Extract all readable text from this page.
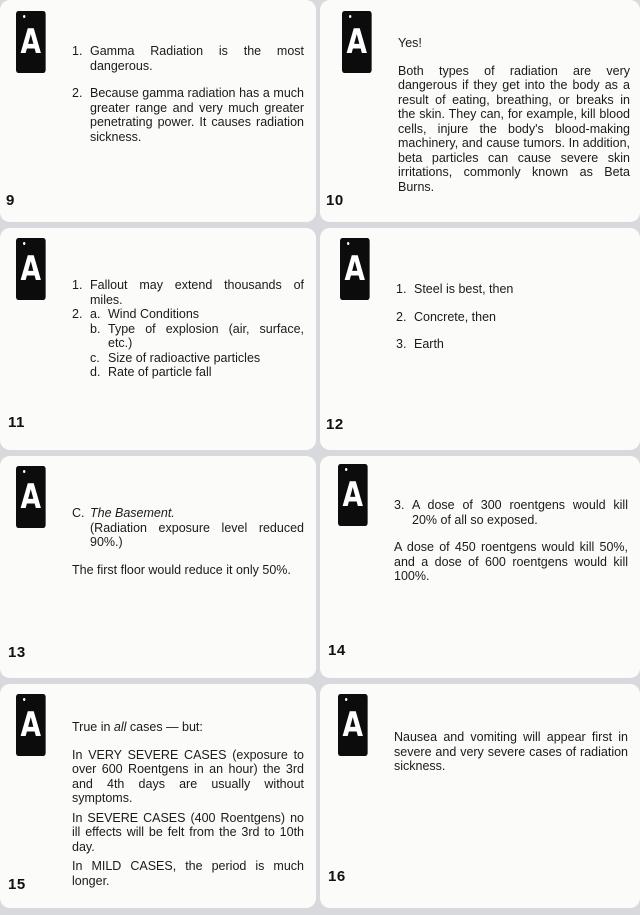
A	1. Gamma Radiation is the most dangerous.
2. Because gamma radiation has a much greater range and very much greater penetrating power. It causes radiation sickness.
9
A	Yes!

Both types of radiation are very dangerous if they get into the body as a result of eating, breathing, or breaks in the skin. They can, for example, kill blood cells, injure the body's blood-making machinery, and cause tumors. In addition, beta particles can cause severe skin irritations, commonly known as Beta Burns.

10
A	1. Fallout may extend thousands of miles.
2. a. Wind Conditions
b. Type of explosion (air, surface, etc.)
c. Size of radioactive particles
d. Rate of particle fall
11
A	1. Steel is best, then
2. Concrete, then
3. Earth
12
A	C. The Basement.
(Radiation exposure level reduced 90%.)

The first floor would reduce it only 50%.

13
A	3. A dose of 300 roentgens would kill 20% of all so exposed.

A dose of 450 roentgens would kill 50%, and a dose of 600 roentgens would kill 100%.

14
A	True in all cases — but:

In VERY SEVERE CASES (exposure to over 600 Roentgens in an hour) the 3rd and 4th days are usually without symptoms.

In SEVERE CASES (400 Roentgens) no ill effects will be felt from the 3rd to 10th day.

In MILD CASES, the period is much longer.

15
A	Nausea and vomiting will appear first in severe and very severe cases of radiation sickness.

16
